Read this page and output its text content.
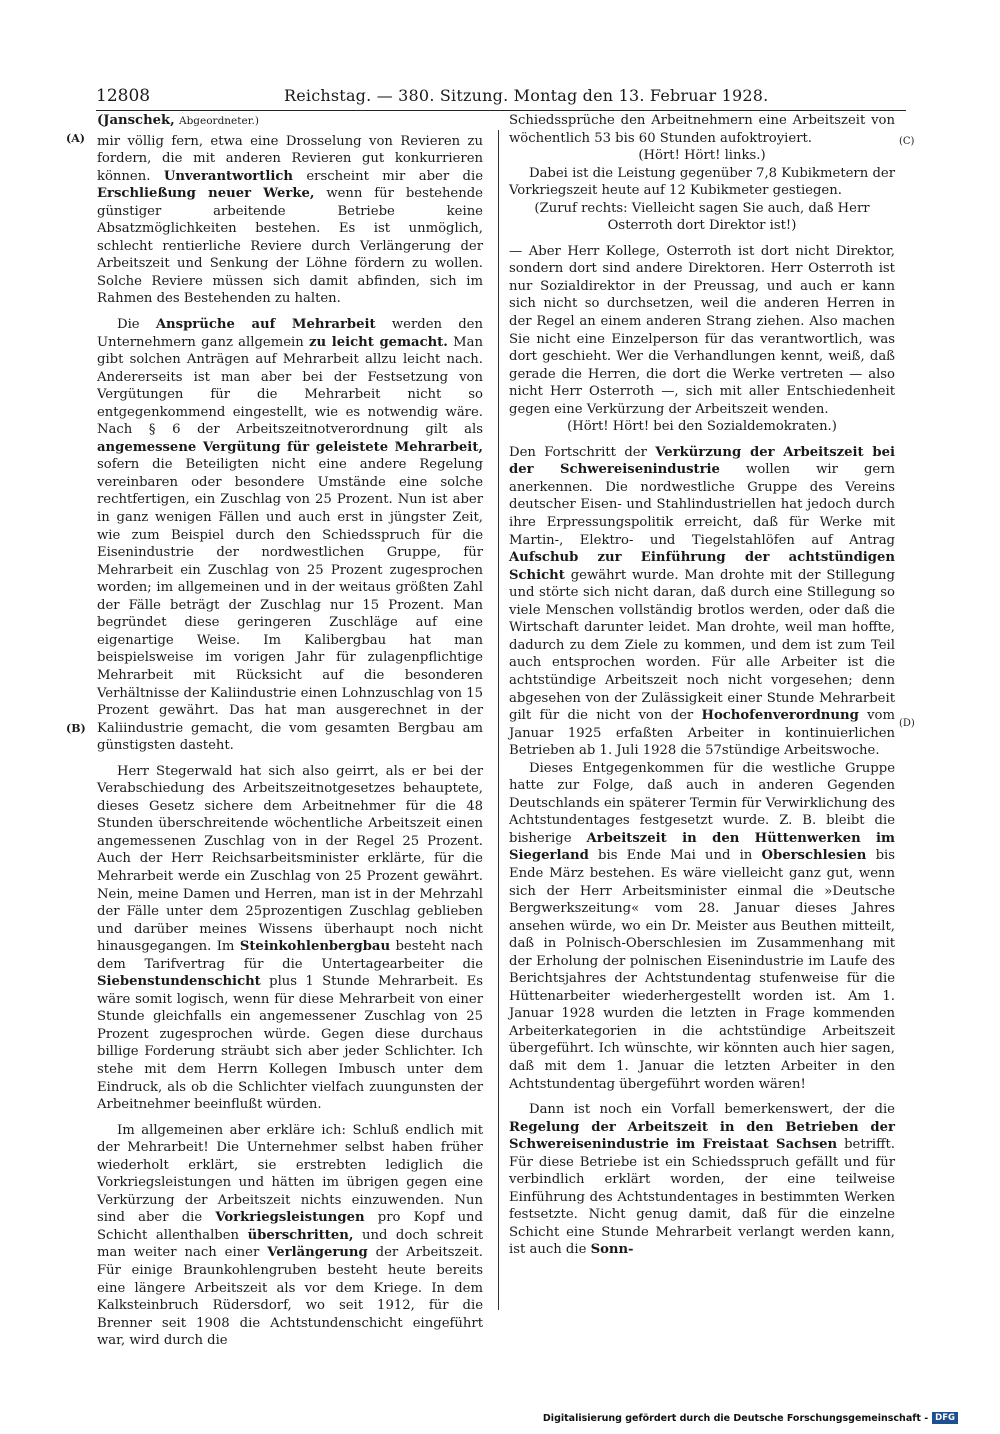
12808	Reichstag. — 380. Sitzung. Montag den 13. Februar 1928.
(A)
(B)
(C)
(D)
(Janschek, Abgeordneter.)

mir völlig fern, etwa eine Drosselung von Revieren zu fordern, die mit anderen Revieren gut konkurrieren können. Unverantwortlich erscheint mir aber die Erschließung neuer Werke, wenn für bestehende günstiger arbeitende Betriebe keine Absatzmöglichkeiten bestehen. Es ist unmöglich, schlecht rentierliche Reviere durch Verlängerung der Arbeitszeit und Senkung der Löhne fördern zu wollen. Solche Reviere müssen sich damit abfinden, sich im Rahmen des Bestehenden zu halten.

Die Ansprüche auf Mehrarbeit werden den Unternehmern ganz allgemein zu leicht gemacht. Man gibt solchen Anträgen auf Mehrarbeit allzu leicht nach. Andererseits ist man aber bei der Festsetzung von Vergütungen für die Mehrarbeit nicht so entgegenkommend eingestellt, wie es notwendig wäre. Nach § 6 der Arbeitszeitnotverordnung gilt als angemessene Vergütung für geleistete Mehrarbeit, sofern die Beteiligten nicht eine andere Regelung vereinbaren oder besondere Umstände eine solche rechtfertigen, ein Zuschlag von 25 Prozent. Nun ist aber in ganz wenigen Fällen und auch erst in jüngster Zeit, wie zum Beispiel durch den Schiedsspruch für die Eisenindustrie der nordwestlichen Gruppe, für Mehrarbeit ein Zuschlag von 25 Prozent zugesprochen worden; im allgemeinen und in der weitaus größten Zahl der Fälle beträgt der Zuschlag nur 15 Prozent. Man begründet diese geringeren Zuschläge auf eine eigenartige Weise. Im Kalibergbau hat man beispielsweise im vorigen Jahr für zulagenpflichtige Mehrarbeit mit Rücksicht auf die besonderen Verhältnisse der Kaliindustrie einen Lohnzuschlag von 15 Prozent gewährt. Das hat man ausgerechnet in der Kaliindustrie gemacht, die vom gesamten Bergbau am günstigsten dasteht.

Herr Stegerwald hat sich also geirrt, als er bei der Verabschiedung des Arbeitszeitnotgesetzes behauptete, dieses Gesetz sichere dem Arbeitnehmer für die 48 Stunden überschreitende wöchentliche Arbeitszeit einen angemessenen Zuschlag von in der Regel 25 Prozent. Auch der Herr Reichsarbeitsminister erklärte, für die Mehrarbeit werde ein Zuschlag von 25 Prozent gewährt. Nein, meine Damen und Herren, man ist in der Mehrzahl der Fälle unter dem 25prozentigen Zuschlag geblieben und darüber meines Wissens überhaupt noch nicht hinausgegangen. Im Steinkohlenbergbau besteht nach dem Tarifvertrag für die Untertagearbeiter die Siebenstundenschicht plus 1 Stunde Mehrarbeit. Es wäre somit logisch, wenn für diese Mehrarbeit von einer Stunde gleichfalls ein angemessener Zuschlag von 25 Prozent zugesprochen würde. Gegen diese durchaus billige Forderung sträubt sich aber jeder Schlichter. Ich stehe mit dem Herrn Kollegen Imbusch unter dem Eindruck, als ob die Schlichter vielfach zuungunsten der Arbeitnehmer beeinflußt würden.

Im allgemeinen aber erkläre ich: Schluß endlich mit der Mehrarbeit! Die Unternehmer selbst haben früher wiederholt erklärt, sie erstrebten lediglich die Vorkriegsleistungen und hätten im übrigen gegen eine Verkürzung der Arbeitszeit nichts einzuwenden. Nun sind aber die Vorkriegsleistungen pro Kopf und Schicht allenthalben überschritten, und doch schreit man weiter nach einer Verlängerung der Arbeitszeit. Für einige Braunkohlengruben besteht heute bereits eine längere Arbeitszeit als vor dem Kriege. In dem Kalksteinbruch Rüdersdorf, wo seit 1912, für die Brenner seit 1908 die Achtstundenschicht eingeführt war, wird durch die

Schiedssprüche den Arbeitnehmern eine Arbeitszeit von wöchentlich 53 bis 60 Stunden aufoktroyiert.

(Hört! Hört! links.)

Dabei ist die Leistung gegenüber 7,8 Kubikmetern der Vorkriegszeit heute auf 12 Kubikmeter gestiegen.

(Zuruf rechts: Vielleicht sagen Sie auch, daß Herr Osterroth dort Direktor ist!)

— Aber Herr Kollege, Osterroth ist dort nicht Direktor, sondern dort sind andere Direktoren. Herr Osterroth ist nur Sozialdirektor in der Preussag, und auch er kann sich nicht so durchsetzen, weil die anderen Herren in der Regel an einem anderen Strang ziehen. Also machen Sie nicht eine Einzelperson für das verantwortlich, was dort geschieht. Wer die Verhandlungen kennt, weiß, daß gerade die Herren, die dort die Werke vertreten — also nicht Herr Osterroth —, sich mit aller Entschiedenheit gegen eine Verkürzung der Arbeitszeit wenden.

(Hört! Hört! bei den Sozialdemokraten.)

Den Fortschritt der Verkürzung der Arbeitszeit bei der Schwereisenindustrie wollen wir gern anerkennen. Die nordwestliche Gruppe des Vereins deutscher Eisen- und Stahlindustriellen hat jedoch durch ihre Erpressungspolitik erreicht, daß für Werke mit Martin-, Elektro- und Tiegelstahlöfen auf Antrag Aufschub zur Einführung der achtstündigen Schicht gewährt wurde. Man drohte mit der Stillegung und störte sich nicht daran, daß durch eine Stillegung so viele Menschen vollständig brotlos werden, oder daß die Wirtschaft darunter leidet. Man drohte, weil man hoffte, dadurch zu dem Ziele zu kommen, und dem ist zum Teil auch entsprochen worden. Für alle Arbeiter ist die achtstündige Arbeitszeit noch nicht vorgesehen; denn abgesehen von der Zulässigkeit einer Stunde Mehrarbeit gilt für die nicht von der Hochofenverordnung vom Januar 1925 erfaßten Arbeiter in kontinuierlichen Betrieben ab 1. Juli 1928 die 57stündige Arbeitswoche.

Dieses Entgegenkommen für die westliche Gruppe hatte zur Folge, daß auch in anderen Gegenden Deutschlands ein späterer Termin für Verwirklichung des Achtstundentages festgesetzt wurde. Z. B. bleibt die bisherige Arbeitszeit in den Hüttenwerken im Siegerland bis Ende Mai und in Oberschlesien bis Ende März bestehen. Es wäre vielleicht ganz gut, wenn sich der Herr Arbeitsminister einmal die »Deutsche Bergwerkszeitung« vom 28. Januar dieses Jahres ansehen würde, wo ein Dr. Meister aus Beuthen mitteilt, daß in Polnisch-Oberschlesien im Zusammenhang mit der Erholung der polnischen Eisenindustrie im Laufe des Berichtsjahres der Achtstundentag stufenweise für die Hüttenarbeiter wiederhergestellt worden ist. Am 1. Januar 1928 wurden die letzten in Frage kommenden Arbeiterkategorien in die achtstündige Arbeitszeit übergeführt. Ich wünschte, wir könnten auch hier sagen, daß mit dem 1. Januar die letzten Arbeiter in den Achtstundentag übergeführt worden wären!

Dann ist noch ein Vorfall bemerkenswert, der die Regelung der Arbeitszeit in den Betrieben der Schwereisenindustrie im Freistaat Sachsen betrifft. Für diese Betriebe ist ein Schiedsspruch gefällt und für verbindlich erklärt worden, der eine teilweise Einführung des Achtstundentages in bestimmten Werken festsetzte. Nicht genug damit, daß für die einzelne Schicht eine Stunde Mehrarbeit verlangt werden kann, ist auch die Sonn-

Digitalisierung gefördert durch die Deutsche Forschungsgemeinschaft - DFG
